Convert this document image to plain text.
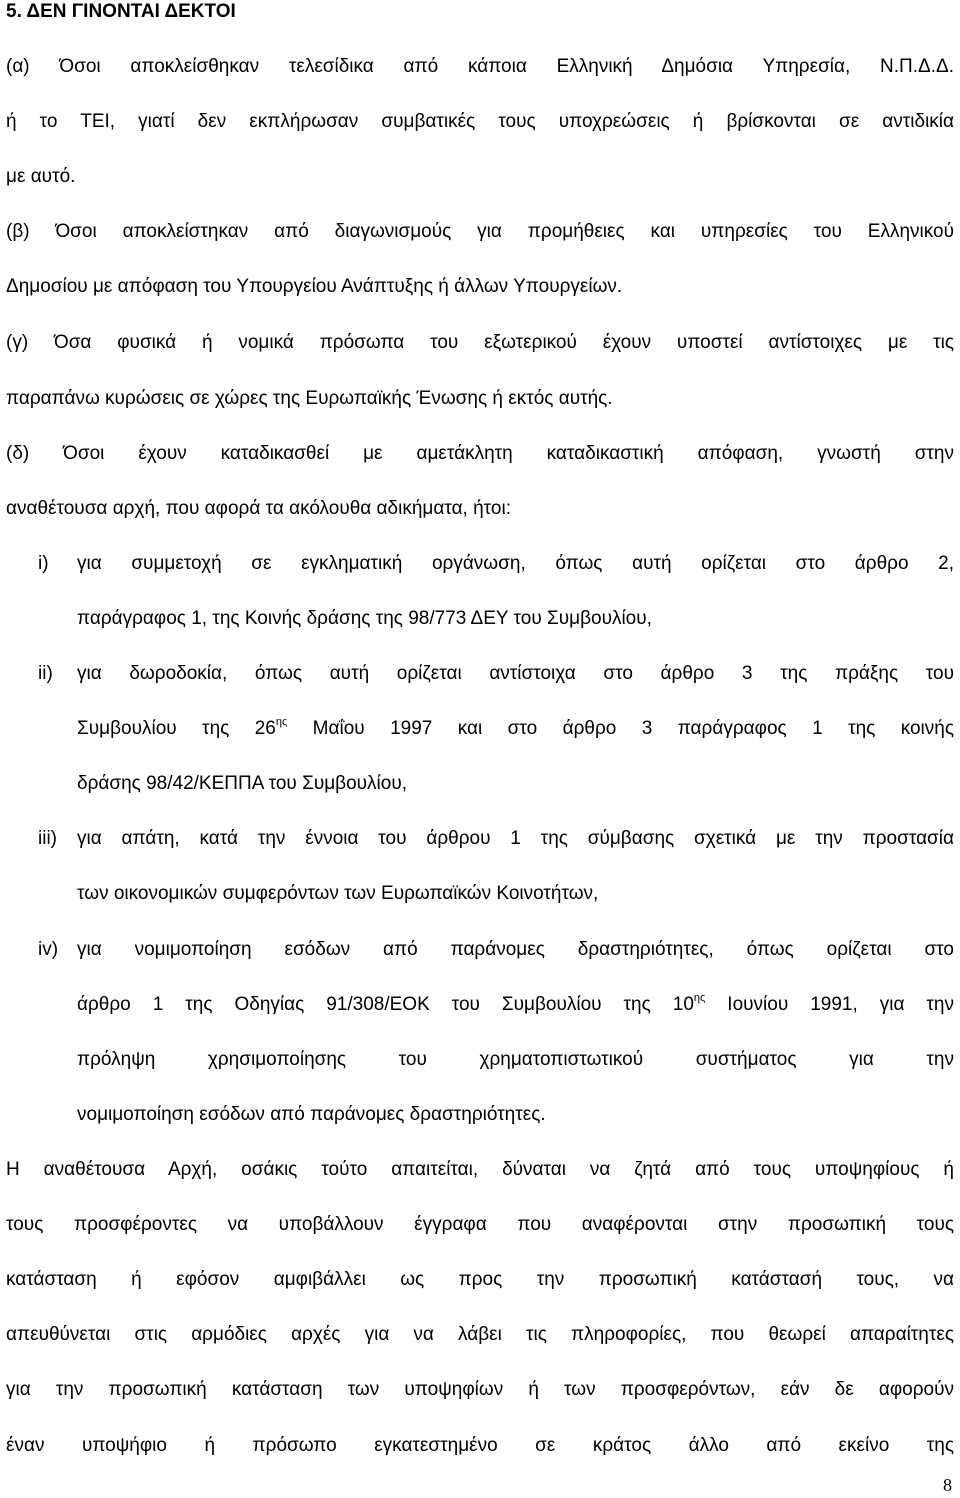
5. ΔΕΝ ΓΙΝΟΝΤΑΙ ΔΕΚΤΟΙ
(α) Όσοι αποκλείσθηκαν τελεσίδικα από κάποια Ελληνική Δημόσια Υπηρεσία, Ν.Π.Δ.Δ.
ή το ΤΕΙ, γιατί δεν εκπλήρωσαν συμβατικές τους υποχρεώσεις ή βρίσκονται σε αντιδικία
με αυτό.
(β) Όσοι αποκλείστηκαν από διαγωνισμούς για προμήθειες και υπηρεσίες του Ελληνικού
Δημοσίου με απόφαση του Υπουργείου Ανάπτυξης ή άλλων Υπουργείων.
(γ) Όσα φυσικά ή νομικά πρόσωπα του εξωτερικού έχουν υποστεί αντίστοιχες με τις
παραπάνω κυρώσεις σε χώρες της Ευρωπαϊκής Ένωσης ή εκτός αυτής.
(δ) Όσοι έχουν καταδικασθεί με αμετάκλητη καταδικαστική απόφαση, γνωστή στην
αναθέτουσα αρχή, που αφορά τα ακόλουθα αδικήματα, ήτοι:
i) για συμμετοχή σε εγκληματική οργάνωση, όπως αυτή ορίζεται στο άρθρο 2,
παράγραφος 1, της Κοινής δράσης της 98/773 ΔΕΥ του Συμβουλίου,
ii) για δωροδοκία, όπως αυτή ορίζεται αντίστοιχα στο άρθρο 3 της πράξης του
Συμβουλίου της $26^{\eta\varsigma}$ Μαΐου 1997 και στο άρθρο 3 παράγραφος 1 της κοινής
δράσης 98/42/ΚΕΠΠΑ του Συμβουλίου,
iii) για απάτη, κατά την έννοια του άρθρου 1 της σύμβασης σχετικά με την προστασία
των οικονομικών συμφερόντων των Ευρωπαϊκών Κοινοτήτων,
iv) για νομιμοποίηση εσόδων από παράνομες δραστηριότητες, όπως ορίζεται στο
άρθρο 1 της Οδηγίας 91/308/ΕΟΚ του Συμβουλίου της $10^{\eta\varsigma}$ Ιουνίου 1991, για την
πρόληψη χρησιμοποίησης του χρηματοπιστωτικού συστήματος για την
νομιμοποίηση εσόδων από παράνομες δραστηριότητες.
Η αναθέτουσα Αρχή, οσάκις τούτο απαιτείται, δύναται να ζητά από τους υποψηφίους ή
τους προσφέροντες να υποβάλλουν έγγραφα που αναφέρονται στην προσωπική τους
κατάσταση ή εφόσον αμφιβάλλει ως προς την προσωπική κατάστασή τους, να
απευθύνεται στις αρμόδιες αρχές για να λάβει τις πληροφορίες, που θεωρεί απαραίτητες
για την προσωπική κατάσταση των υποψηφίων ή των προσφερόντων, εάν δε αφορούν
έναν υποψήφιο ή πρόσωπο εγκατεστημένο σε κράτος άλλο από εκείνο της
8
